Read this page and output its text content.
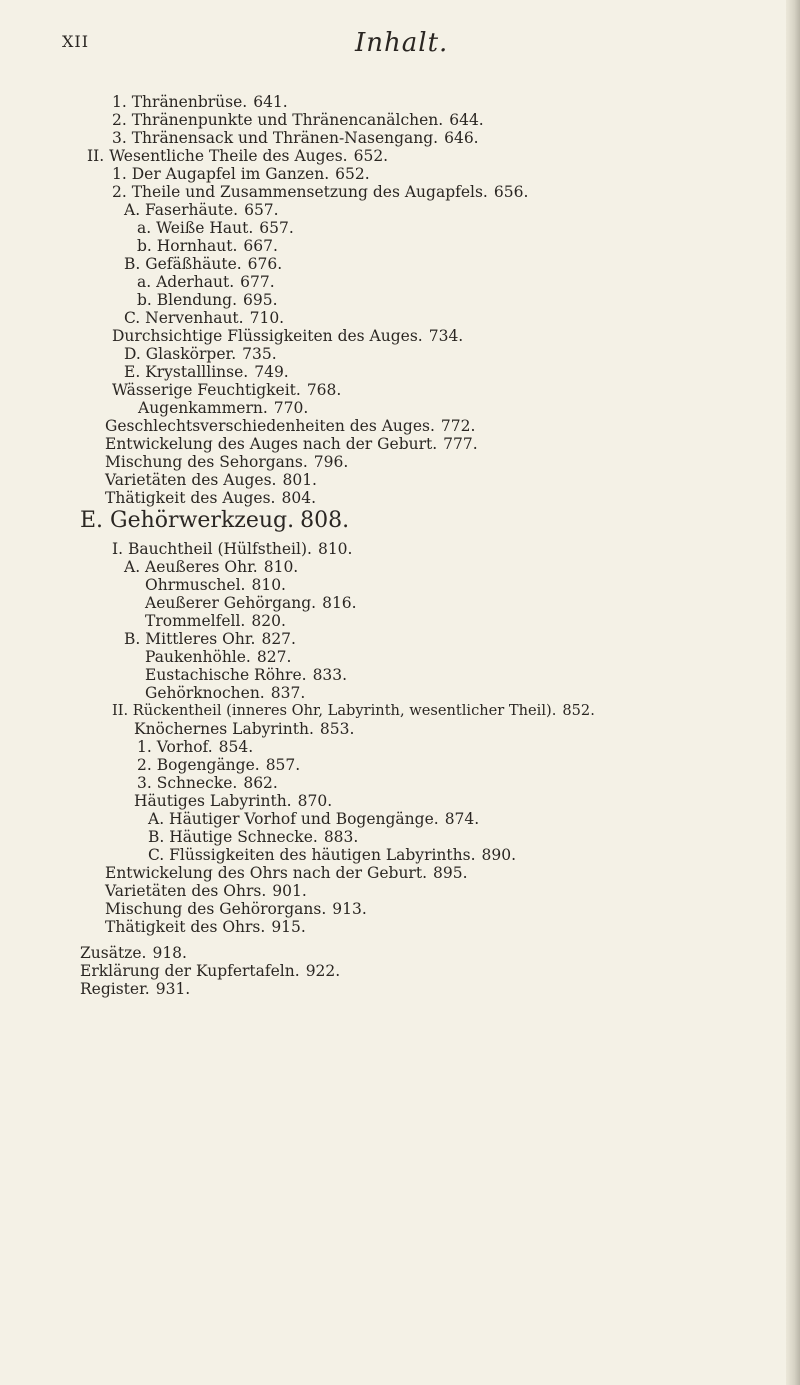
XII	Inhalt.
1. Thränenbrüse. 641.
2. Thränenpunkte und Thränencanälchen. 644.
3. Thränensack und Thränen-Nasengang. 646.
II. Wesentliche Theile des Auges. 652.
1. Der Augapfel im Ganzen. 652.
2. Theile und Zusammensetzung des Augapfels. 656.
A. Faserhäute. 657.
a. Weiße Haut. 657.
b. Hornhaut. 667.
B. Gefäßhäute. 676.
a. Aderhaut. 677.
b. Blendung. 695.
C. Nervenhaut. 710.
Durchsichtige Flüssigkeiten des Auges. 734.
D. Glaskörper. 735.
E. Krystalllinse. 749.
Wässerige Feuchtigkeit. 768.
Augenkammern. 770.
Geschlechtsverschiedenheiten des Auges. 772.
Entwickelung des Auges nach der Geburt. 777.
Mischung des Sehorgans. 796.
Varietäten des Auges. 801.
Thätigkeit des Auges. 804.
E. Gehörwerkzeug. 808.
I. Bauchtheil (Hülfstheil). 810.
A. Aeußeres Ohr. 810.
Ohrmuschel. 810.
Aeußerer Gehörgang. 816.
Trommelfell. 820.
B. Mittleres Ohr. 827.
Paukenhöhle. 827.
Eustachische Röhre. 833.
Gehörknochen. 837.
II. Rückentheil (inneres Ohr, Labyrinth, wesentlicher Theil). 852.
Knöchernes Labyrinth. 853.
1. Vorhof. 854.
2. Bogengänge. 857.
3. Schnecke. 862.
Häutiges Labyrinth. 870.
A. Häutiger Vorhof und Bogengänge. 874.
B. Häutige Schnecke. 883.
C. Flüssigkeiten des häutigen Labyrinths. 890.
Entwickelung des Ohrs nach der Geburt. 895.
Varietäten des Ohrs. 901.
Mischung des Gehörorgans. 913.
Thätigkeit des Ohrs. 915.
Zusätze. 918.
Erklärung der Kupfertafeln. 922.
Register. 931.
